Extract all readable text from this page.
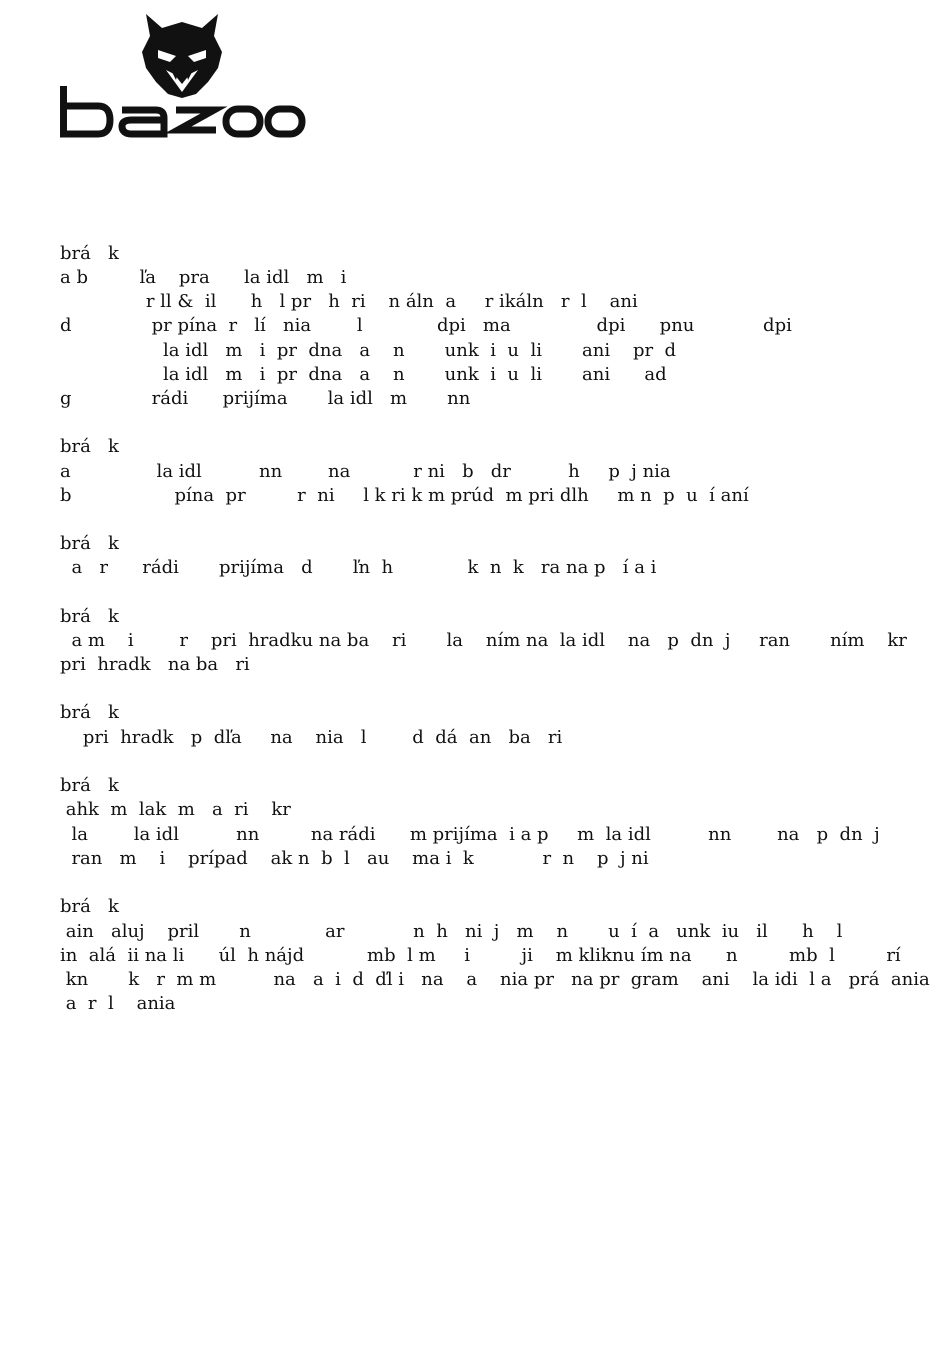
brá   k
a b         ľa    pra      la idl   m   i
r ll &  il      h   l pr   h  ri    n áln  a     r ikáln   r  l    ani
d              pr pína  r   lí   nia        l             dpi   ma               dpi      pnu            dpi
la idl   m   i  pr  dna   a    n       unk  i  u  li       ani    pr  d
la idl   m   i  pr  dna   a    n       unk  i  u  li       ani      ad
g              rádi      prijíma       la idl   m       nn
brá   k
a               la idl          nn        na           r ni   b   dr          h     p  j nia
b                  pína  pr         r  ni     l k ri k m prúd  m pri dlh     m n  p  u  í aní
brá   k
a   r      rádi       prijíma   d       ľn  h             k  n  k   ra na p   í a i
brá   k
a m    i        r    pri  hradku na ba    ri       la    ním na  la idl    na   p  dn  j     ran       ním    kr
pri  hradk   na ba   ri
brá   k
pri  hradk   p  dľa     na    nia   l        d  dá  an   ba   ri
brá   k
ahk  m  lak  m   a  ri    kr
la        la idl          nn         na rádi      m prijíma  i a p     m  la idl          nn        na   p  dn  j
ran   m    i    prípad    ak n  b  l   au    ma i  k            r  n    p  j ni
brá   k
ain   aluj    pril       n             ar            n  h   ni  j   m    n       u  í  a   unk  iu   il      h    l
in  alá  ii na li      úl  h nájd           mb  l m     i         ji    m kliknu ím na      n         mb  l         rí
kn       k   r  m m          na   a  i  d  ďl i   na    a    nia pr   na pr  gram    ani    la idi  l a   prá  ania
a  r  l    ania
